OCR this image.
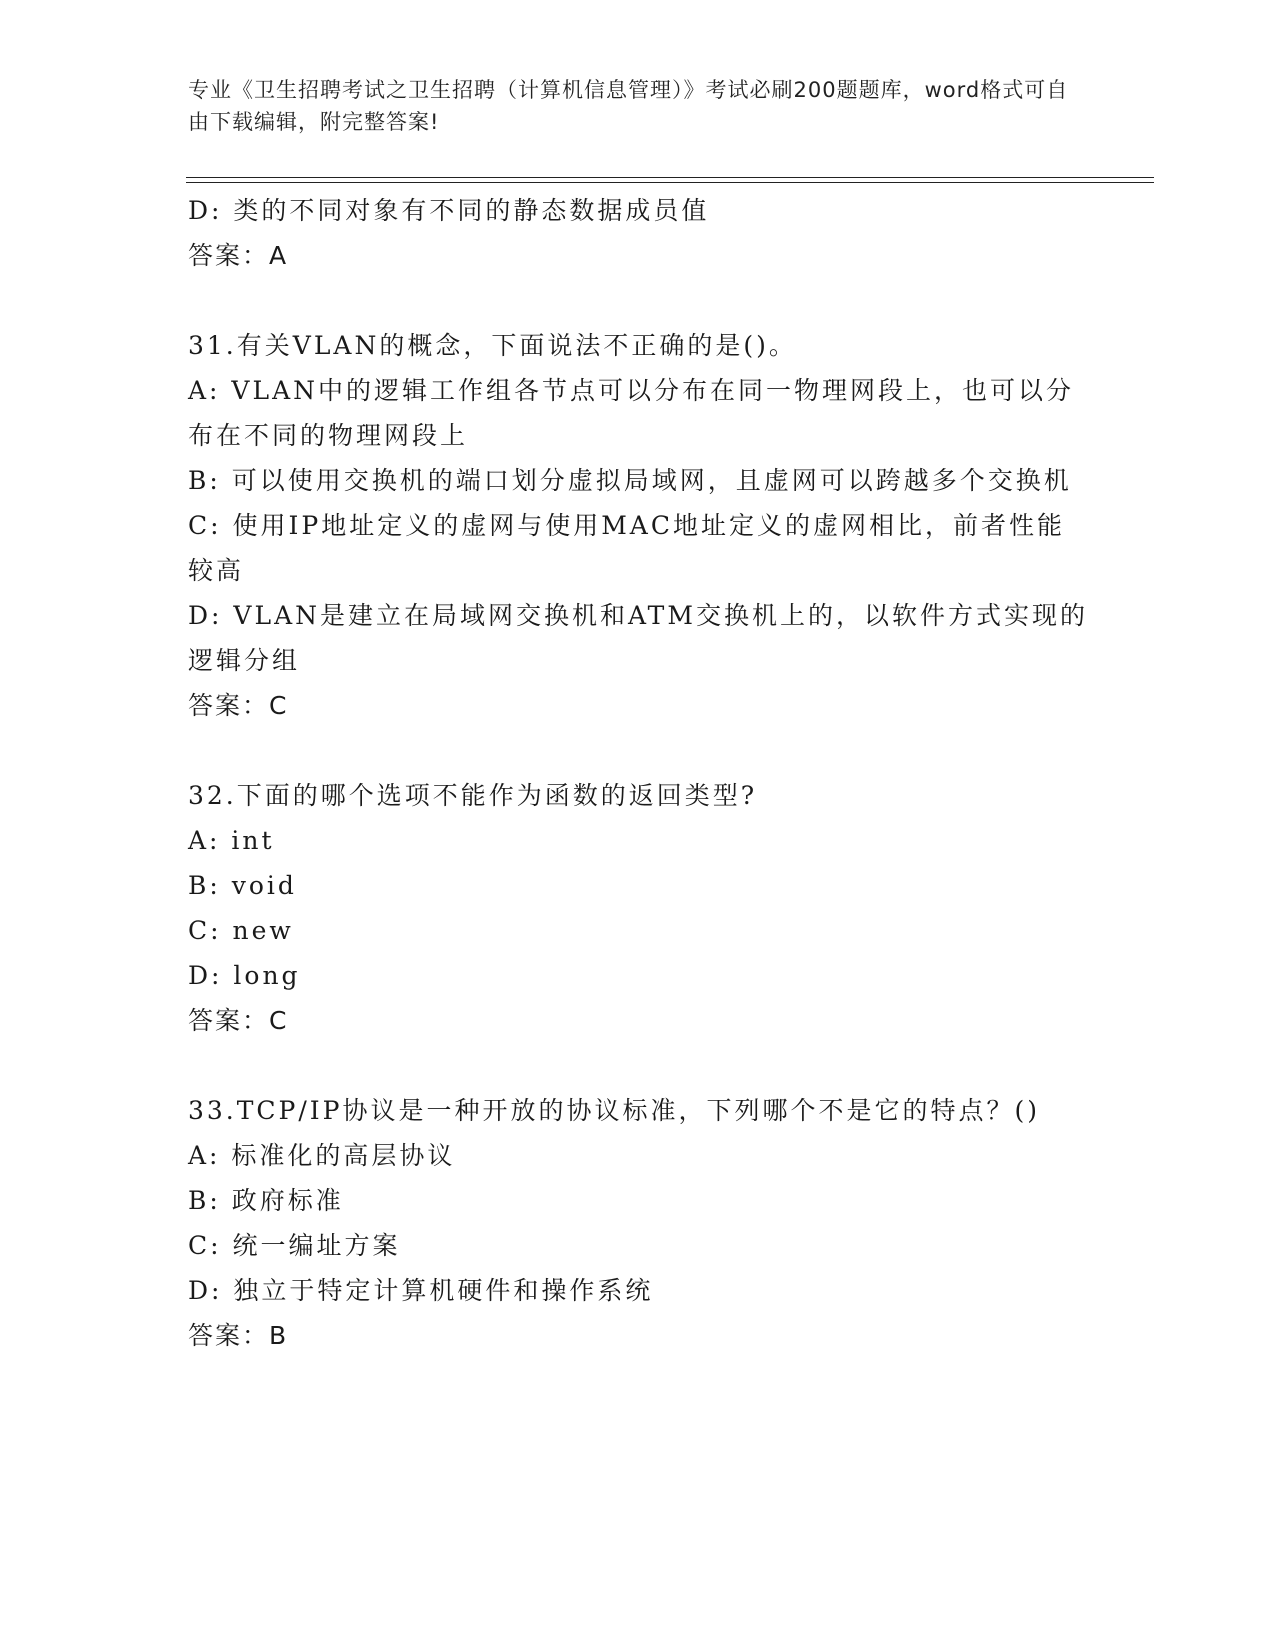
专业《卫生招聘考试之卫生招聘（计算机信息管理）》考试必刷200题题库，word格式可自由下载编辑，附完整答案!
D: 类的不同对象有不同的静态数据成员值
答案：A
31.有关VLAN的概念，下面说法不正确的是()。
A: VLAN中的逻辑工作组各节点可以分布在同一物理网段上，也可以分布在不同的物理网段上
B: 可以使用交换机的端口划分虚拟局域网，且虚网可以跨越多个交换机
C: 使用IP地址定义的虚网与使用MAC地址定义的虚网相比，前者性能较高
D: VLAN是建立在局域网交换机和ATM交换机上的，以软件方式实现的逻辑分组
答案：C
32.下面的哪个选项不能作为函数的返回类型?
A: int
B: void
C: new
D: long
答案：C
33.TCP/IP协议是一种开放的协议标准，下列哪个不是它的特点？()
A: 标准化的高层协议
B: 政府标准
C: 统一编址方案
D: 独立于特定计算机硬件和操作系统
答案：B
